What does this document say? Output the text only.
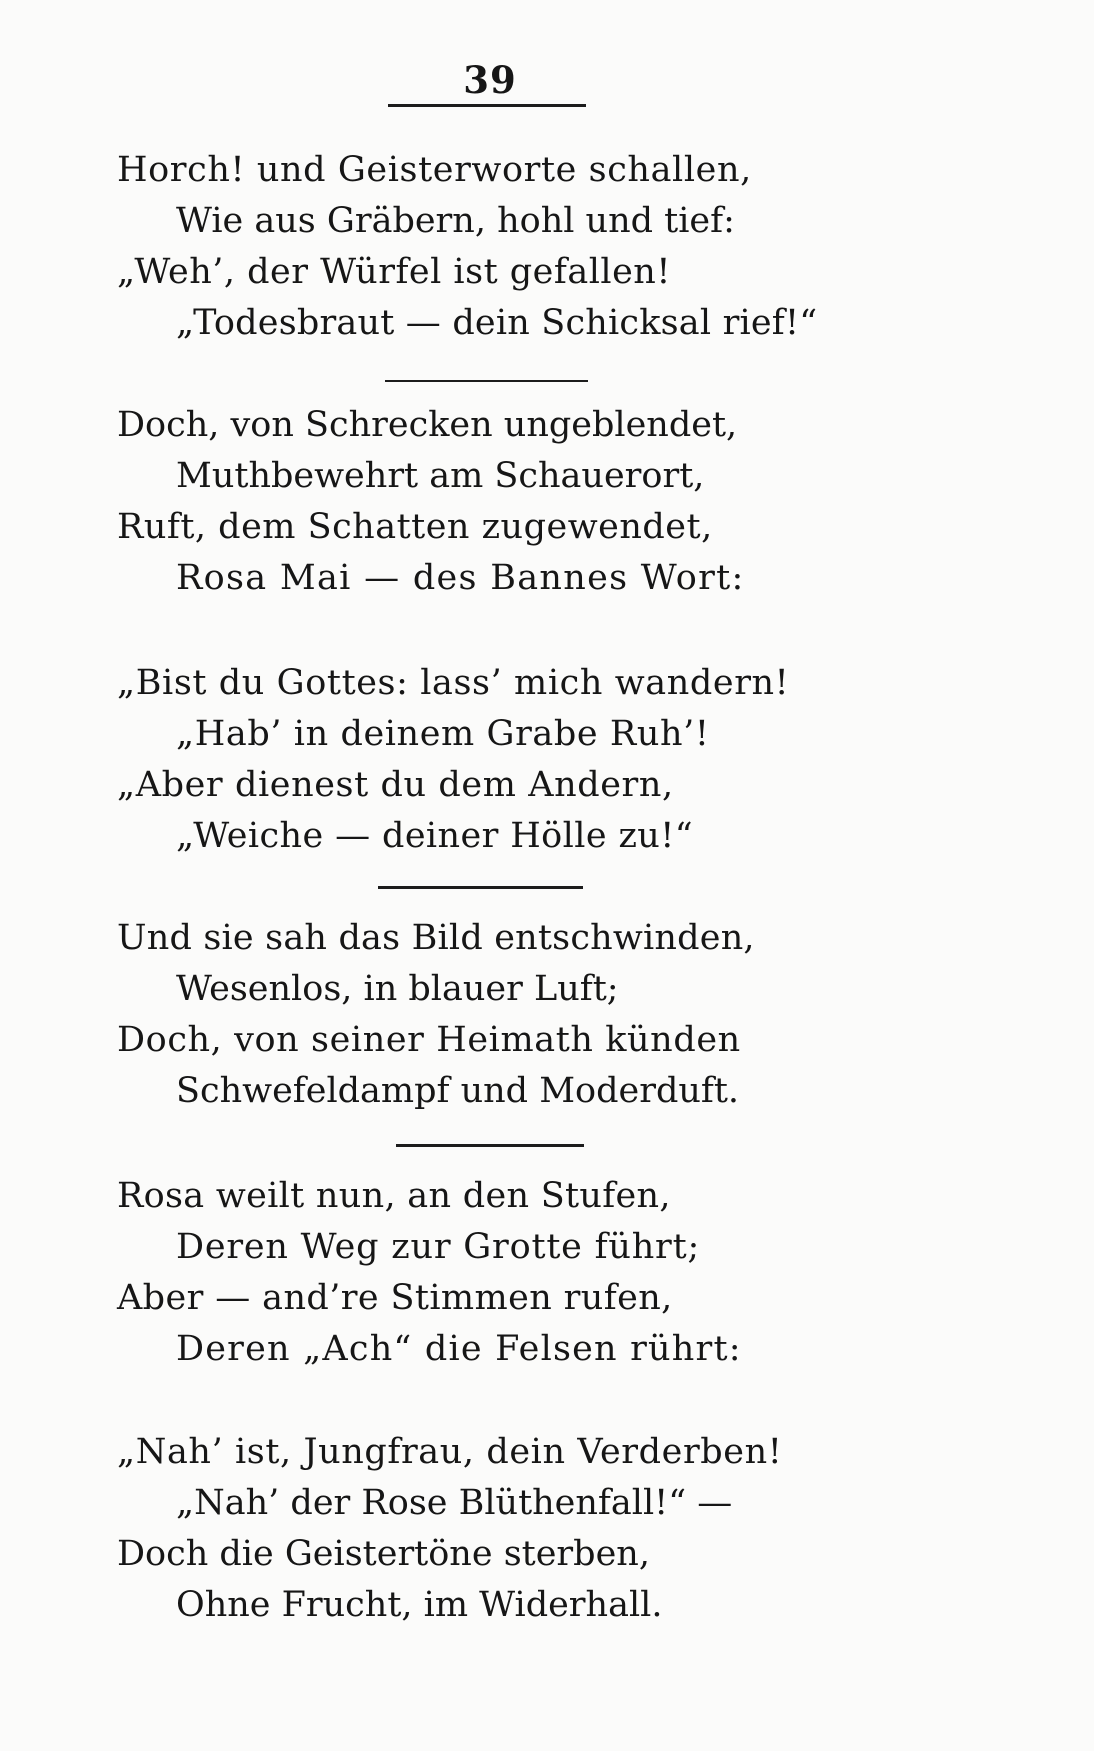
39
Horch! und Geisterworte schallen,
Wie aus Gräbern, hohl und tief:
„Weh’, der Würfel ist gefallen!
„Todesbraut — dein Schicksal rief!“
Doch, von Schrecken ungeblendet,
Muthbewehrt am Schauerort,
Ruft, dem Schatten zugewendet,
Rosa Mai — des Bannes Wort:
„Bist du Gottes: lass’ mich wandern!
„Hab’ in deinem Grabe Ruh’!
„Aber dienest du dem Andern,
„Weiche — deiner Hölle zu!“
Und sie sah das Bild entschwinden,
Wesenlos, in blauer Luft;
Doch, von seiner Heimath künden
Schwefeldampf und Moderduft.
Rosa weilt nun, an den Stufen,
Deren Weg zur Grotte führt;
Aber — and’re Stimmen rufen,
Deren „Ach“ die Felsen rührt:
„Nah’ ist, Jungfrau, dein Verderben!
„Nah’ der Rose Blüthenfall!“ —
Doch die Geistertöne sterben,
Ohne Frucht, im Widerhall.
